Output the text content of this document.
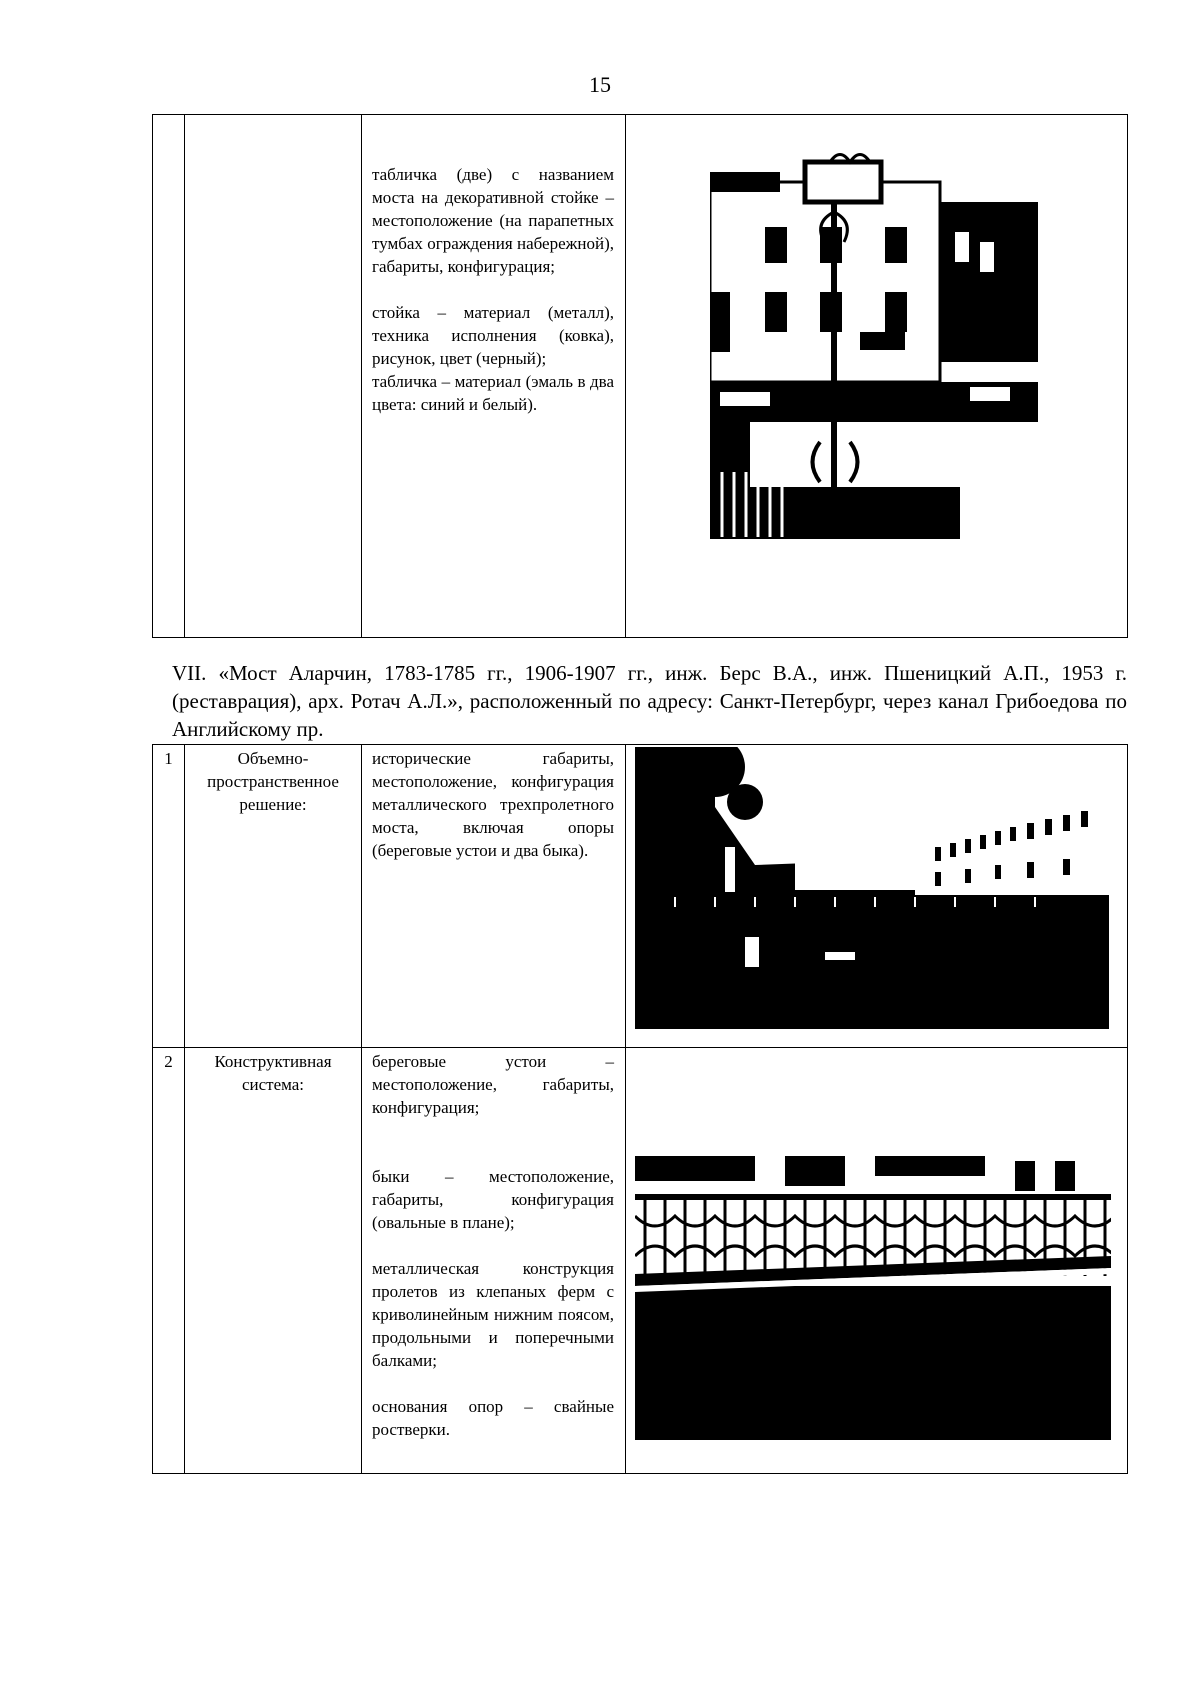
15

табличка (две) с названием моста на декоративной стойке – местоположение (на парапетных тумбах ограждения набережной), габариты, конфигурация;

стойка – материал (металл), техника исполнения (ковка), рисунок, цвет (черный);

табличка – материал (эмаль в два цвета: синий и белый).

VII. «Мост Аларчин, 1783-1785 гг., 1906-1907 гг., инж. Берс В.А., инж. Пшеницкий А.П., 1953 г. (реставрация), арх. Ротач А.Л.», расположенный по адресу: Санкт-Петербург, через канал Грибоедова по Английскому пр.
1	Объемно-пространственное решение:	исторические габариты, местоположение, конфигурация металлического трехпролетного моста, включая опоры (береговые устои и два быка).

2	Конструктивная система:	береговые устои – местоположение, габариты, конфигурация;

быки – местоположение, габариты, конфигурация (овальные в плане);

металлическая конструкция пролетов из клепаных ферм с криволинейным нижним поясом, продольными и поперечными балками;

основания опор – свайные ростверки.
